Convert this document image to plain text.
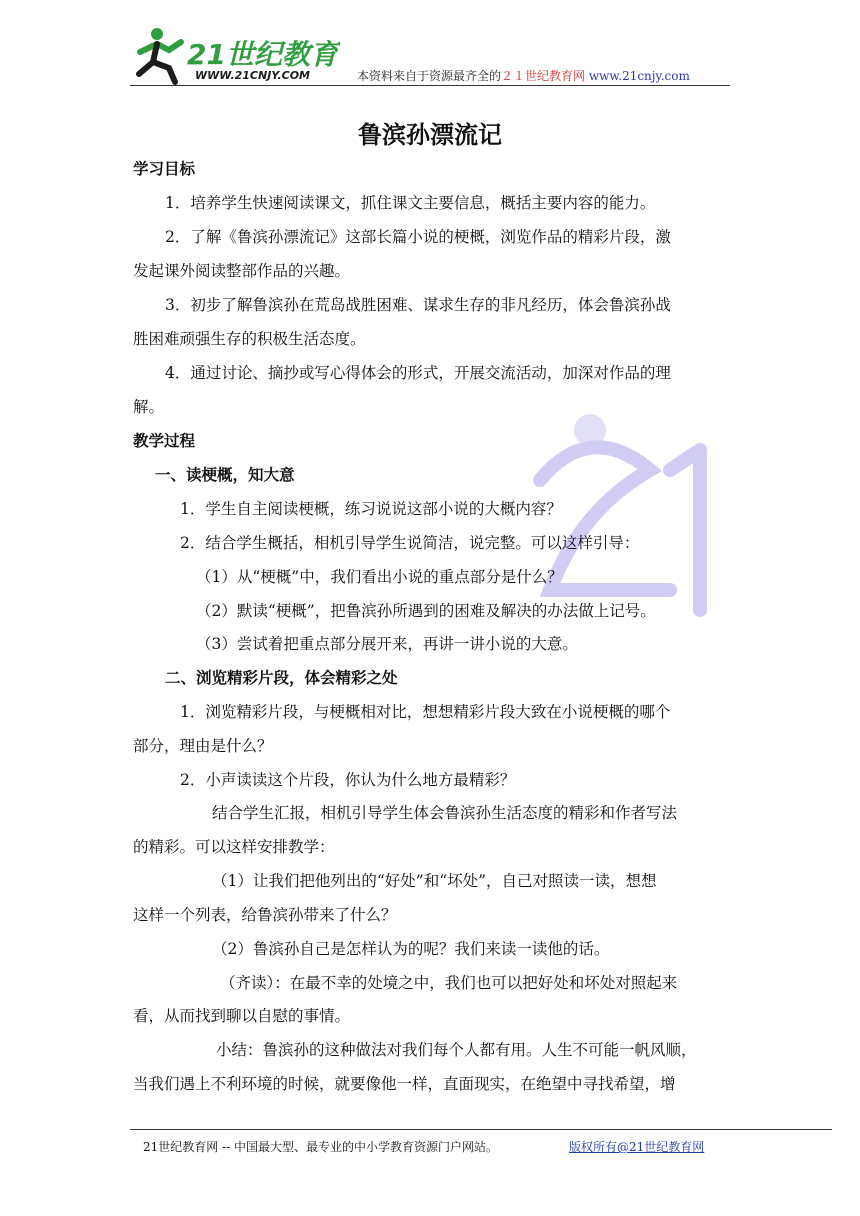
21世纪教育
WWW.21CNJY.COM	本资料来自于资源最齐全的２１世纪教育网 www.21cnjy.com
鲁滨孙漂流记
学习目标
1．培养学生快速阅读课文，抓住课文主要信息，概括主要内容的能力。
2．了解《鲁滨孙漂流记》这部长篇小说的梗概，浏览作品的精彩片段，激
发起课外阅读整部作品的兴趣。
3．初步了解鲁滨孙在荒岛战胜困难、谋求生存的非凡经历，体会鲁滨孙战
胜困难顽强生存的积极生活态度。
4．通过讨论、摘抄或写心得体会的形式，开展交流活动，加深对作品的理
解。
教学过程
一、读梗概，知大意
1．学生自主阅读梗概，练习说说这部小说的大概内容？
2．结合学生概括，相机引导学生说简洁，说完整。可以这样引导：
（1）从“梗概”中，我们看出小说的重点部分是什么？
（2）默读“梗概”，把鲁滨孙所遇到的困难及解决的办法做上记号。
（3）尝试着把重点部分展开来，再讲一讲小说的大意。
二、浏览精彩片段，体会精彩之处
1．浏览精彩片段，与梗概相对比，想想精彩片段大致在小说梗概的哪个
部分，理由是什么？
2．小声读读这个片段，你认为什么地方最精彩？
结合学生汇报，相机引导学生体会鲁滨孙生活态度的精彩和作者写法
的精彩。可以这样安排教学：
（1）让我们把他列出的“好处”和“坏处”，自己对照读一读，想想
这样一个列表，给鲁滨孙带来了什么？
（2）鲁滨孙自己是怎样认为的呢？我们来读一读他的话。
（齐读）：在最不幸的处境之中，我们也可以把好处和坏处对照起来
看，从而找到聊以自慰的事情。
小结：鲁滨孙的这种做法对我们每个人都有用。人生不可能一帆风顺，
当我们遇上不利环境的时候，就要像他一样，直面现实，在绝望中寻找希望，增
21世纪教育网 -- 中国最大型、最专业的中小学教育资源门户网站。	版权所有@21世纪教育网
